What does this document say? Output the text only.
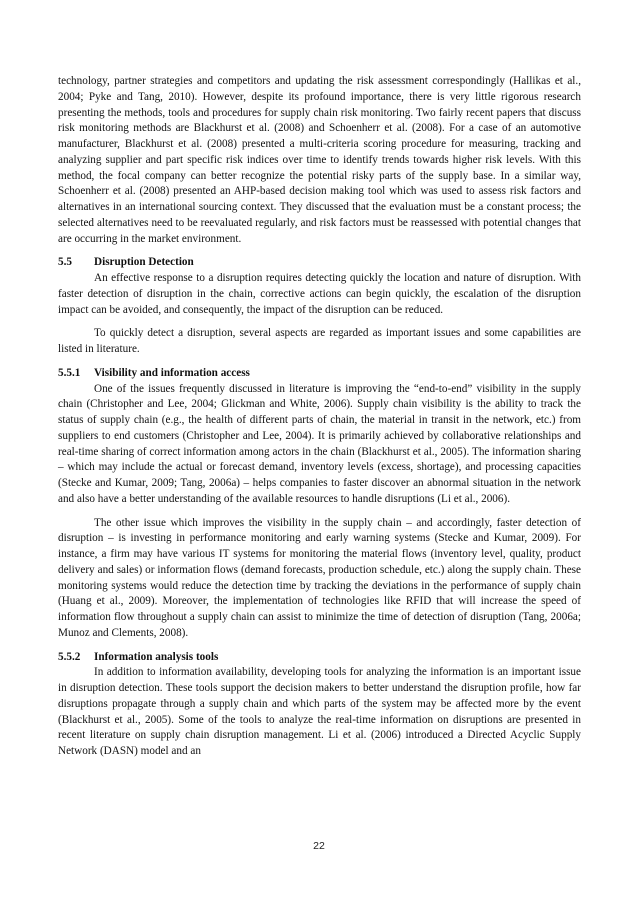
technology, partner strategies and competitors and updating the risk assessment correspondingly (Hallikas et al., 2004; Pyke and Tang, 2010). However, despite its profound importance, there is very little rigorous research presenting the methods, tools and procedures for supply chain risk monitoring. Two fairly recent papers that discuss risk monitoring methods are Blackhurst et al. (2008) and Schoenherr et al. (2008). For a case of an automotive manufacturer, Blackhurst et al. (2008) presented a multi-criteria scoring procedure for measuring, tracking and analyzing supplier and part specific risk indices over time to identify trends towards higher risk levels. With this method, the focal company can better recognize the potential risky parts of the supply base. In a similar way, Schoenherr et al. (2008) presented an AHP-based decision making tool which was used to assess risk factors and alternatives in an international sourcing context. They discussed that the evaluation must be a constant process; the selected alternatives need to be reevaluated regularly, and risk factors must be reassessed with potential changes that are occurring in the market environment.

5.5 Disruption Detection

An effective response to a disruption requires detecting quickly the location and nature of disruption. With faster detection of disruption in the chain, corrective actions can begin quickly, the escalation of the disruption impact can be avoided, and consequently, the impact of the disruption can be reduced.

To quickly detect a disruption, several aspects are regarded as important issues and some capabilities are listed in literature.

5.5.1 Visibility and information access

One of the issues frequently discussed in literature is improving the “end-to-end” visibility in the supply chain (Christopher and Lee, 2004; Glickman and White, 2006). Supply chain visibility is the ability to track the status of supply chain (e.g., the health of different parts of chain, the material in transit in the network, etc.) from suppliers to end customers (Christopher and Lee, 2004). It is primarily achieved by collaborative relationships and real-time sharing of correct information among actors in the chain (Blackhurst et al., 2005). The information sharing – which may include the actual or forecast demand, inventory levels (excess, shortage), and processing capacities (Stecke and Kumar, 2009; Tang, 2006a) – helps companies to faster discover an abnormal situation in the network and also have a better understanding of the available resources to handle disruptions (Li et al., 2006).

The other issue which improves the visibility in the supply chain – and accordingly, faster detection of disruption – is investing in performance monitoring and early warning systems (Stecke and Kumar, 2009). For instance, a firm may have various IT systems for monitoring the material flows (inventory level, quality, product delivery and sales) or information flows (demand forecasts, production schedule, etc.) along the supply chain. These monitoring systems would reduce the detection time by tracking the deviations in the performance of supply chain (Huang et al., 2009). Moreover, the implementation of technologies like RFID that will increase the speed of information flow throughout a supply chain can assist to minimize the time of detection of disruption (Tang, 2006a; Munoz and Clements, 2008).

5.5.2 Information analysis tools

In addition to information availability, developing tools for analyzing the information is an important issue in disruption detection. These tools support the decision makers to better understand the disruption profile, how far disruptions propagate through a supply chain and which parts of the system may be affected more by the event (Blackhurst et al., 2005). Some of the tools to analyze the real-time information on disruptions are presented in recent literature on supply chain disruption management. Li et al. (2006) introduced a Directed Acyclic Supply Network (DASN) model and an

22
